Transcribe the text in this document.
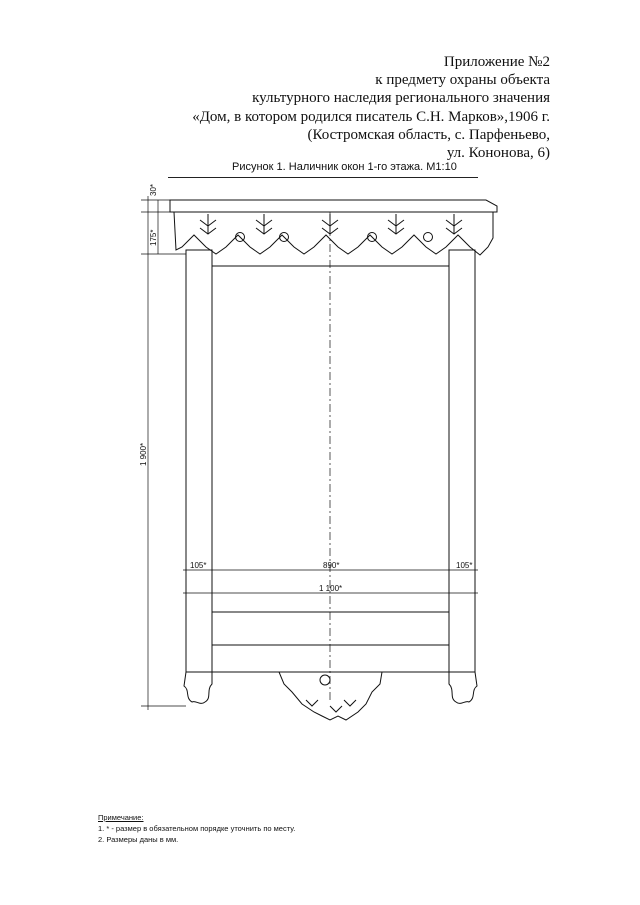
Приложение №2
к предмету охраны объекта
культурного наследия регионального значения
«Дом, в котором родился писатель С.Н. Марков»,1906 г.
(Костромская область, с. Парфеньево,
ул. Кононова, 6)
Рисунок 1. Наличник окон 1-го этажа. М1:10
30*
175*
1 900*
105*	890*	105*
1 100*
Примечание:
1. * - размер в обязательном порядке уточнить по месту.
2. Размеры даны в мм.
